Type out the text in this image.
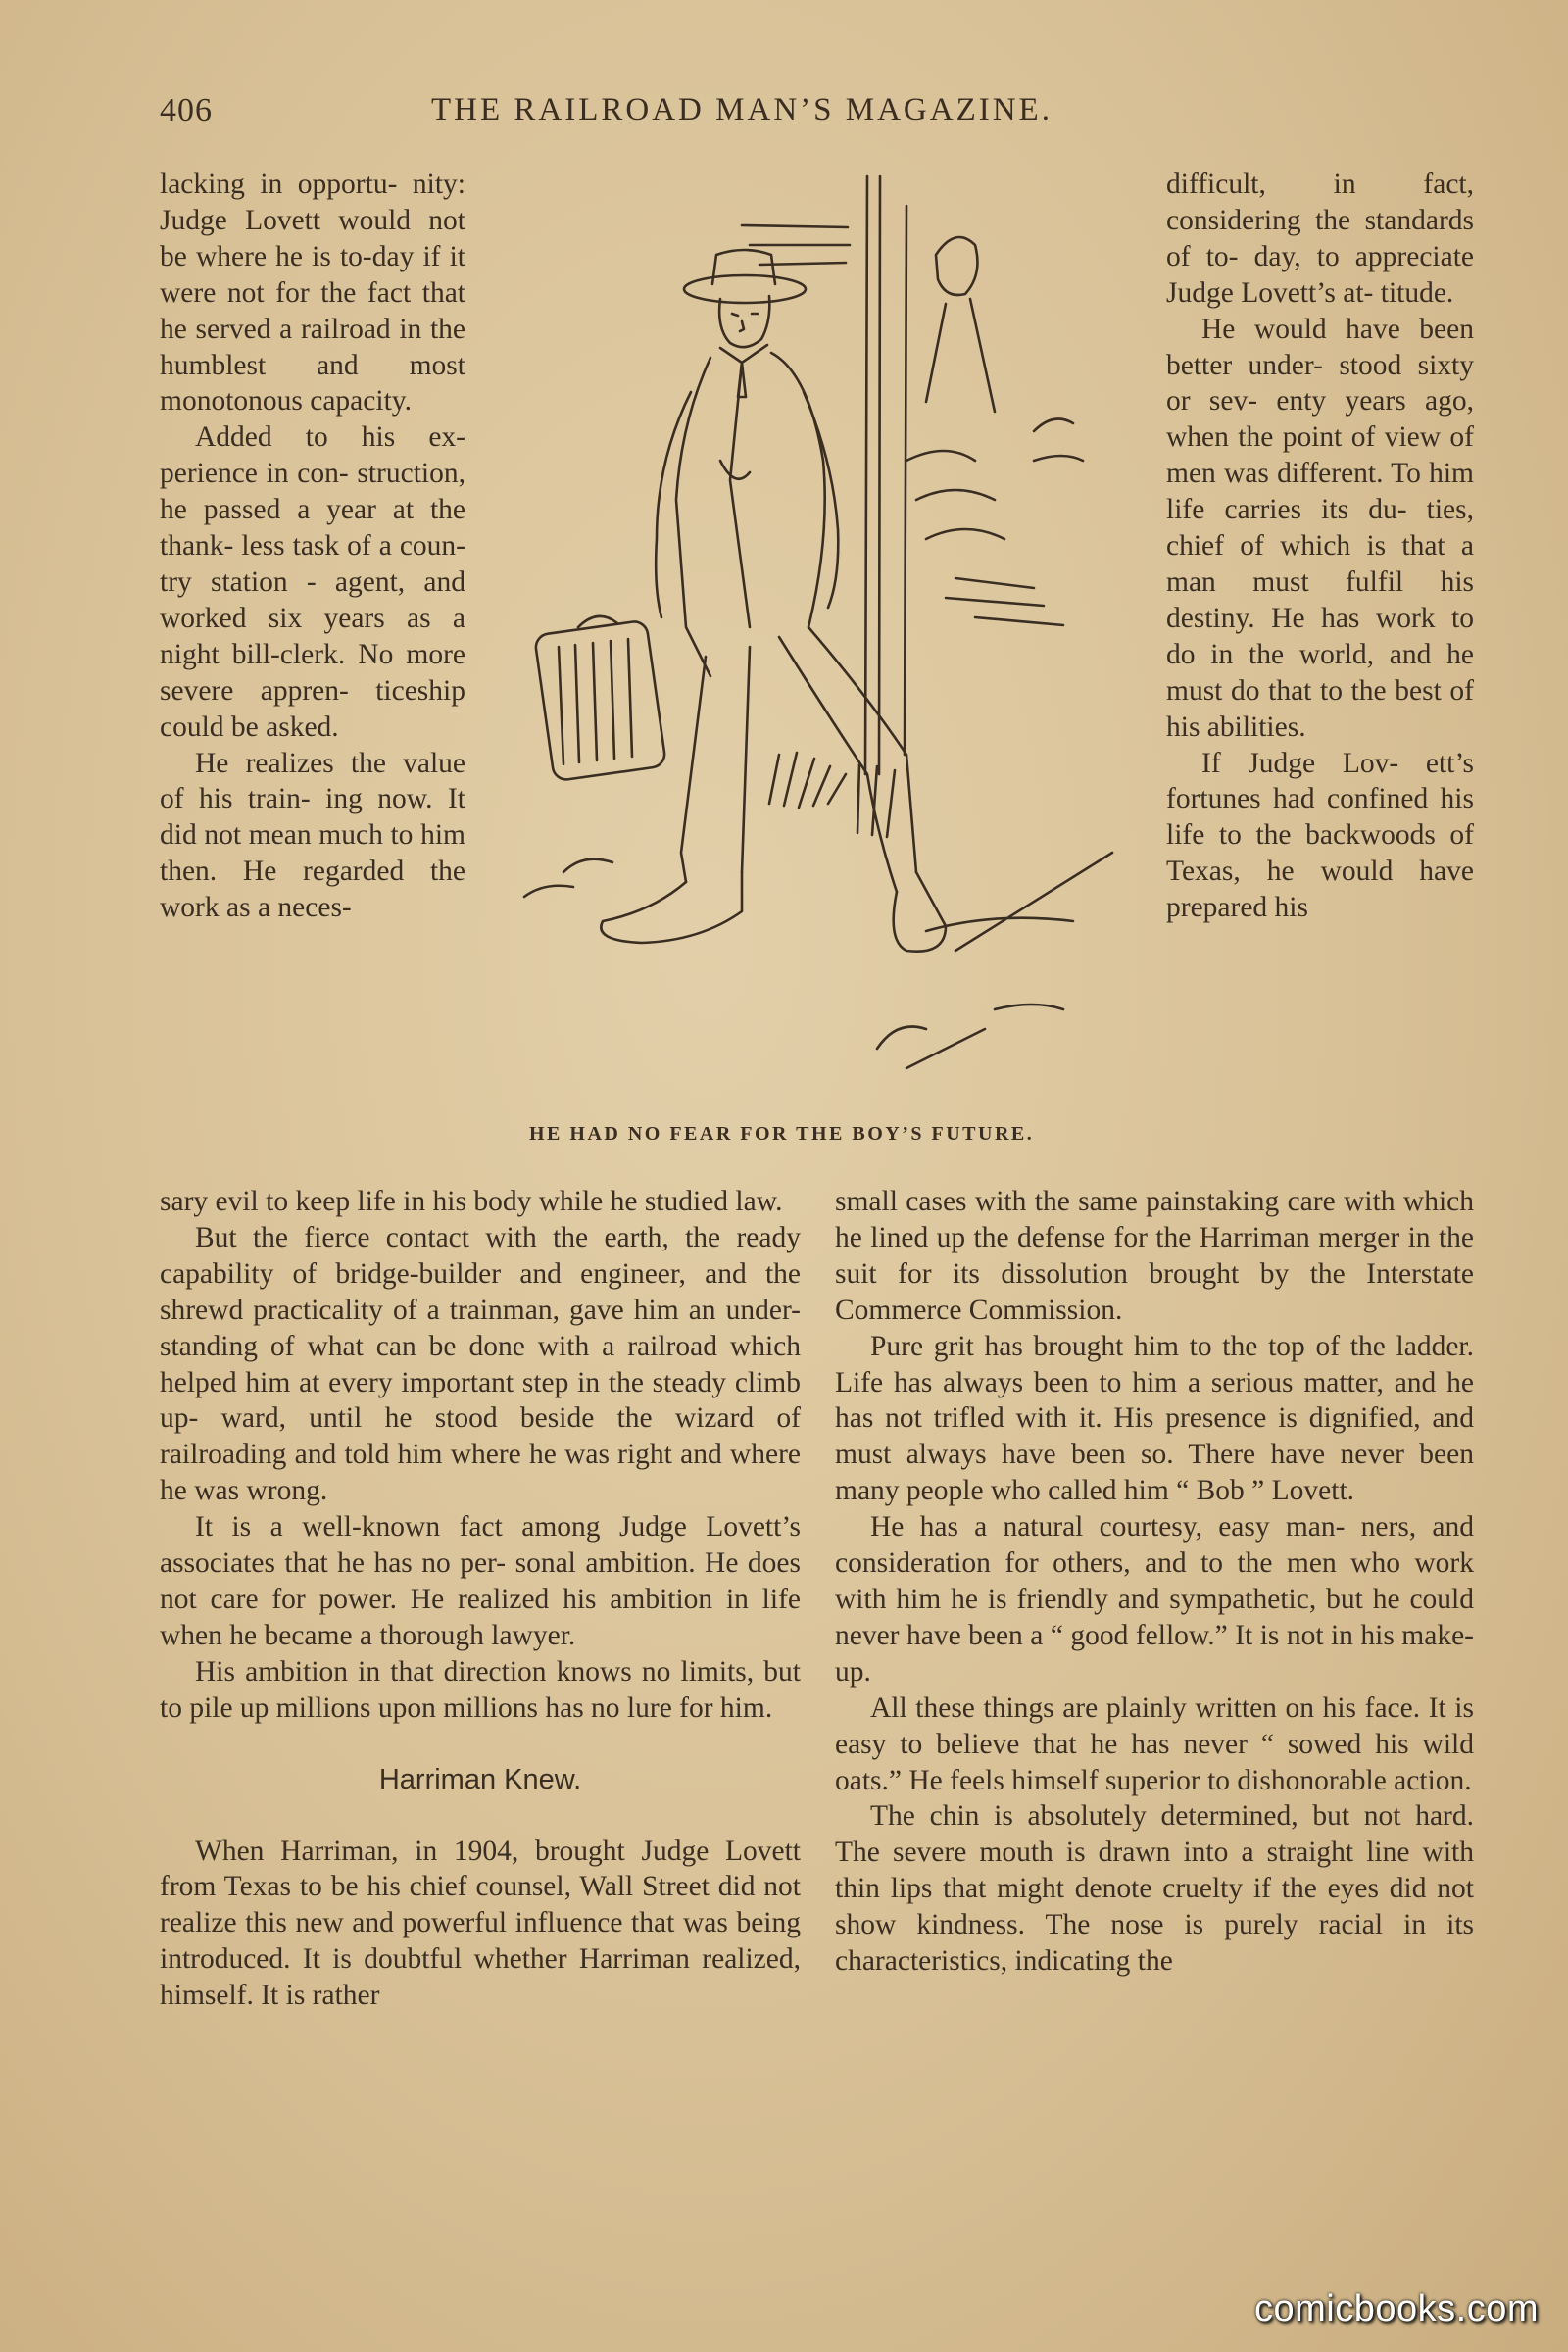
406	THE RAILROAD MAN’S MAGAZINE.

lacking in opportu- nity: Judge Lovett would not be where he is to-day if it were not for the fact that he served a railroad in the humblest and most monotonous capacity.

Added to his ex- perience in con- struction, he passed a year at the thank- less task of a coun- try station - agent, and worked six years as a night bill-clerk. No more severe appren- ticeship could be asked.

He realizes the value of his train- ing now. It did not mean much to him then. He regarded the work as a neces-

HE HAD NO FEAR FOR THE BOY’S FUTURE.

difficult, in fact, considering the standards of to- day, to appreciate Judge Lovett’s at- titude.

He would have been better under- stood sixty or sev- enty years ago, when the point of view of men was different. To him life carries its du- ties, chief of which is that a man must fulfil his destiny. He has work to do in the world, and he must do that to the best of his abilities.

If Judge Lov- ett’s fortunes had confined his life to the backwoods of Texas, he would have prepared his

sary evil to keep life in his body while he studied law.

But the fierce contact with the earth, the ready capability of bridge-builder and engineer, and the shrewd practicality of a trainman, gave him an under- standing of what can be done with a railroad which helped him at every important step in the steady climb up- ward, until he stood beside the wizard of railroading and told him where he was right and where he was wrong.

It is a well-known fact among Judge Lovett’s associates that he has no per- sonal ambition. He does not care for power. He realized his ambition in life when he became a thorough lawyer.

His ambition in that direction knows no limits, but to pile up millions upon millions has no lure for him.

Harriman Knew.

When Harriman, in 1904, brought Judge Lovett from Texas to be his chief counsel, Wall Street did not realize this new and powerful influence that was being introduced. It is doubtful whether Harriman realized, himself. It is rather

small cases with the same painstaking care with which he lined up the defense for the Harriman merger in the suit for its dissolution brought by the Interstate Commerce Commission.

Pure grit has brought him to the top of the ladder. Life has always been to him a serious matter, and he has not trifled with it. His presence is dignified, and must always have been so. There have never been many people who called him “ Bob ” Lovett.

He has a natural courtesy, easy man- ners, and consideration for others, and to the men who work with him he is friendly and sympathetic, but he could never have been a “ good fellow.” It is not in his make-up.

All these things are plainly written on his face. It is easy to believe that he has never “ sowed his wild oats.” He feels himself superior to dishonorable action.

The chin is absolutely determined, but not hard. The severe mouth is drawn into a straight line with thin lips that might denote cruelty if the eyes did not show kindness. The nose is purely racial in its characteristics, indicating the

comicbooks.com
